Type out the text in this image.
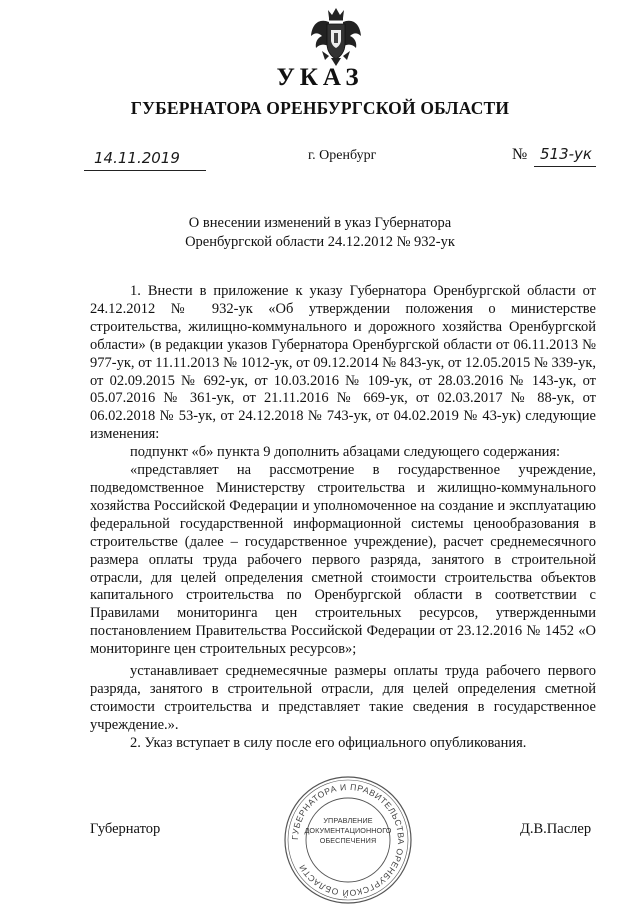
УКАЗ
ГУБЕРНАТОРА ОРЕНБУРГСКОЙ ОБЛАСТИ
14.11.2019	г. Оренбург	№ 513-ук
О внесении изменений в указ Губернатора
Оренбургской области 24.12.2012 № 932-ук

1. Внести в приложение к указу Губернатора Оренбургской области от 24.12.2012 № 932-ук «Об утверждении положения о министерстве строительства, жилищно-коммунального и дорожного хозяйства Оренбургской области» (в редакции указов Губернатора Оренбургской области от 06.11.2013 № 977-ук, от 11.11.2013 № 1012-ук, от 09.12.2014 № 843-ук, от 12.05.2015 № 339-ук, от 02.09.2015 № 692-ук, от 10.03.2016 № 109-ук, от 28.03.2016 № 143-ук, от 05.07.2016 № 361-ук, от 21.11.2016 № 669-ук, от 02.03.2017 № 88-ук, от 06.02.2018 № 53-ук, от 24.12.2018 № 743-ук, от 04.02.2019 № 43-ук) следующие изменения:

подпункт «б» пункта 9 дополнить абзацами следующего содержания:

«представляет на рассмотрение в государственное учреждение, подведомственное Министерству строительства и жилищно-коммунального хозяйства Российской Федерации и уполномоченное на создание и эксплуатацию федеральной государственной информационной системы ценообразования в строительстве (далее – государственное учреждение), расчет среднемесячного размера оплаты труда рабочего первого разряда, занятого в строительной отрасли, для целей определения сметной стоимости строительства объектов капитального строительства по Оренбургской области в соответствии с Правилами мониторинга цен строительных ресурсов, утвержденными постановлением Правительства Российской Федерации от 23.12.2016 № 1452 «О мониторинге цен строительных ресурсов»;

устанавливает среднемесячные размеры оплаты труда рабочего первого разряда, занятого в строительной отрасли, для целей определения сметной стоимости строительства и представляет такие сведения в государственное учреждение.».

2. Указ вступает в силу после его официального опубликования.

ГУБЕРНАТОРА И ПРАВИТЕЛЬСТВА ОРЕНБУРГСКОЙ ОБЛАСТИ
УПРАВЛЕНИЕ
ДОКУМЕНТАЦИОННОГО
ОБЕСПЕЧЕНИЯ
Губернатор	Д.В.Паслер
